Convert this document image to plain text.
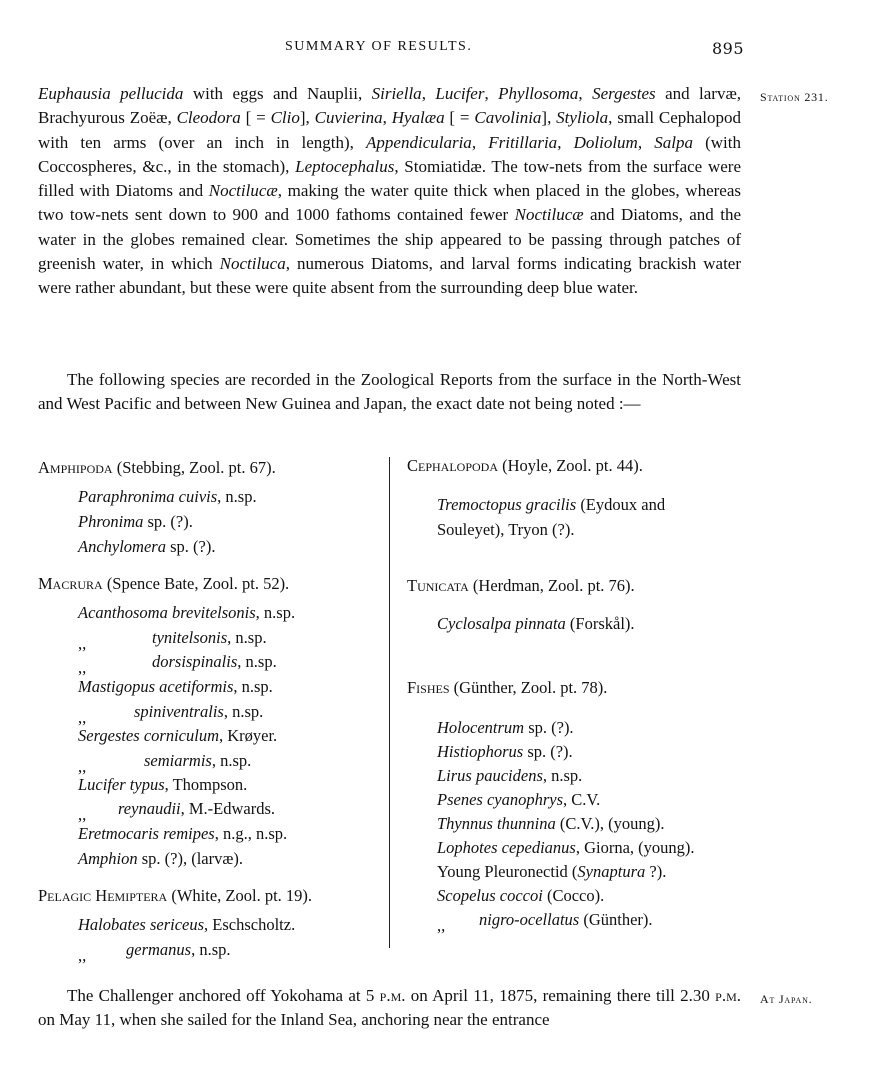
SUMMARY OF RESULTS.	895
Station 231.
Euphausia pellucida with eggs and Nauplii, Siriella, Lucifer, Phyllosoma, Sergestes and larvæ, Brachyurous Zoëæ, Cleodora [ = Clio], Cuvierina, Hyalæa [ = Cavolinia], Styliola, small Cephalopod with ten arms (over an inch in length), Appendicularia, Fritillaria, Doliolum, Salpa (with Coccospheres, &c., in the stomach), Leptocephalus, Stomiatidæ. The tow-nets from the surface were filled with Diatoms and Noctilucæ, making the water quite thick when placed in the globes, whereas two tow-nets sent down to 900 and 1000 fathoms contained fewer Noctilucæ and Diatoms, and the water in the globes remained clear. Sometimes the ship appeared to be passing through patches of greenish water, in which Noctiluca, numerous Diatoms, and larval forms indicating brackish water were rather abundant, but these were quite absent from the surrounding deep blue water.
The following species are recorded in the Zoological Reports from the surface in the North-West and West Pacific and between New Guinea and Japan, the exact date not being noted :—
Amphipoda (Stebbing, Zool. pt. 67).
Paraphronima cuivis, n.sp.
Phronima sp. (?).
Anchylomera sp. (?).
Macrura (Spence Bate, Zool. pt. 52).
Acanthosoma brevitelsonis, n.sp.
,,	tynitelsonis, n.sp.
,,	dorsispinalis, n.sp.
Mastigopus acetiformis, n.sp.
,,	spiniventralis, n.sp.
Sergestes corniculum, Krøyer.
,,	semiarmis, n.sp.
Lucifer typus, Thompson.
,, reynaudii, M.-Edwards.
Eretmocaris remipes, n.g., n.sp.
Amphion sp. (?), (larvæ).
Pelagic Hemiptera (White, Zool. pt. 19).
Halobates sericeus, Eschscholtz.
,, germanus, n.sp.
Cephalopoda (Hoyle, Zool. pt. 44).
Tremoctopus gracilis (Eydoux and
Souleyet), Tryon (?).
Tunicata (Herdman, Zool. pt. 76).
Cyclosalpa pinnata (Forskål).
Fishes (Günther, Zool. pt. 78).
Holocentrum sp. (?).
Histiophorus sp. (?).
Lirus paucidens, n.sp.
Psenes cyanophrys, C.V.
Thynnus thunnina (C.V.), (young).
Lophotes cepedianus, Giorna, (young).
Young Pleuronectid (Synaptura ?).
Scopelus coccoi (Cocco).
,, nigro-ocellatus (Günther).
At Japan.
The Challenger anchored off Yokohama at 5 p.m. on April 11, 1875, remaining there till 2.30 p.m. on May 11, when she sailed for the Inland Sea, anchoring near the entrance
